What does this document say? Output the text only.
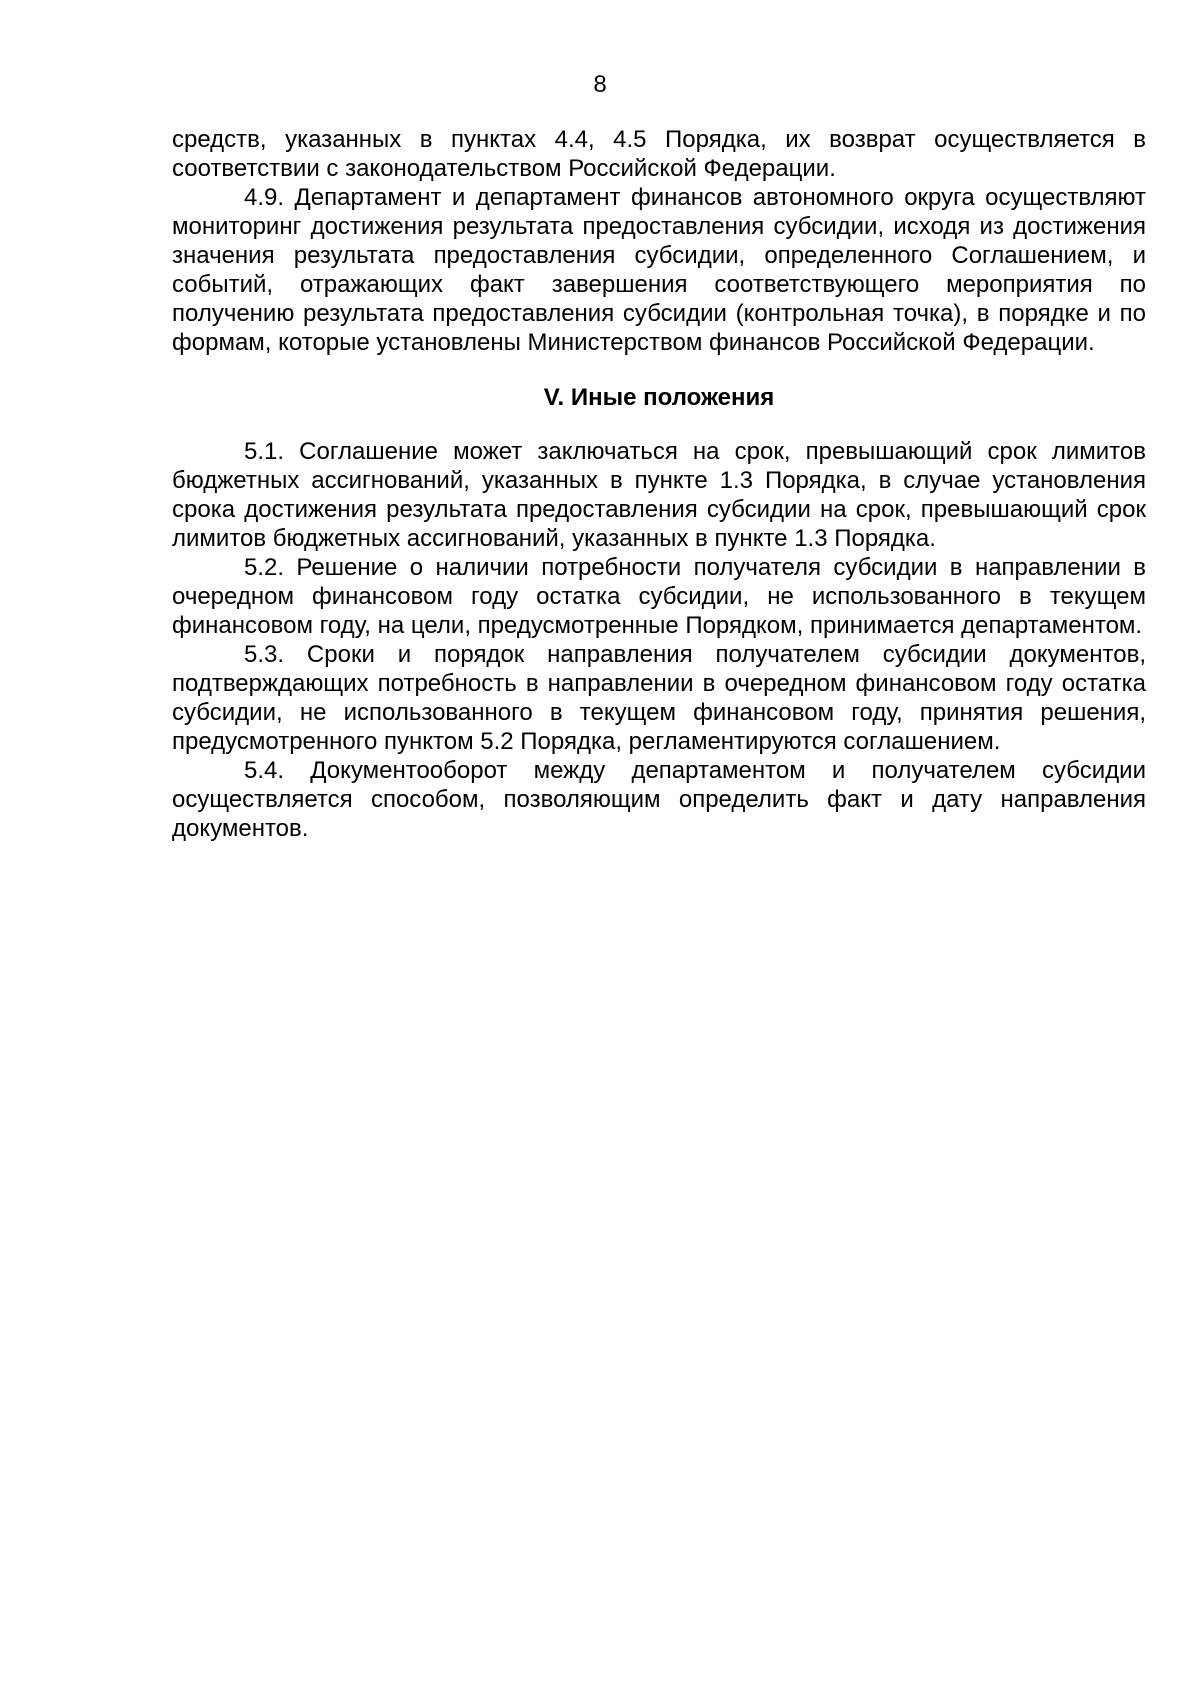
8

средств, указанных в пунктах 4.4, 4.5 Порядка, их возврат осуществляется в соответствии с законодательством Российской Федерации.

4.9. Департамент и департамент финансов автономного округа осуществляют мониторинг достижения результата предоставления субсидии, исходя из достижения значения результата предоставления субсидии, определенного Соглашением, и событий, отражающих факт завершения соответствующего мероприятия по получению результата предоставления субсидии (контрольная точка), в порядке и по формам, которые установлены Министерством финансов Российской Федерации.

V. Иные положения

5.1. Соглашение может заключаться на срок, превышающий срок лимитов бюджетных ассигнований, указанных в пункте 1.3 Порядка, в случае установления срока достижения результата предоставления субсидии на срок, превышающий срок лимитов бюджетных ассигнований, указанных в пункте 1.3 Порядка.

5.2. Решение о наличии потребности получателя субсидии в направлении в очередном финансовом году остатка субсидии, не использованного в текущем финансовом году, на цели, предусмотренные Порядком, принимается департаментом.

5.3. Сроки и порядок направления получателем субсидии документов, подтверждающих потребность в направлении в очередном финансовом году остатка субсидии, не использованного в текущем финансовом году, принятия решения, предусмотренного пунктом 5.2 Порядка, регламентируются соглашением.

5.4. Документооборот между департаментом и получателем субсидии осуществляется способом, позволяющим определить факт и дату направления документов.
